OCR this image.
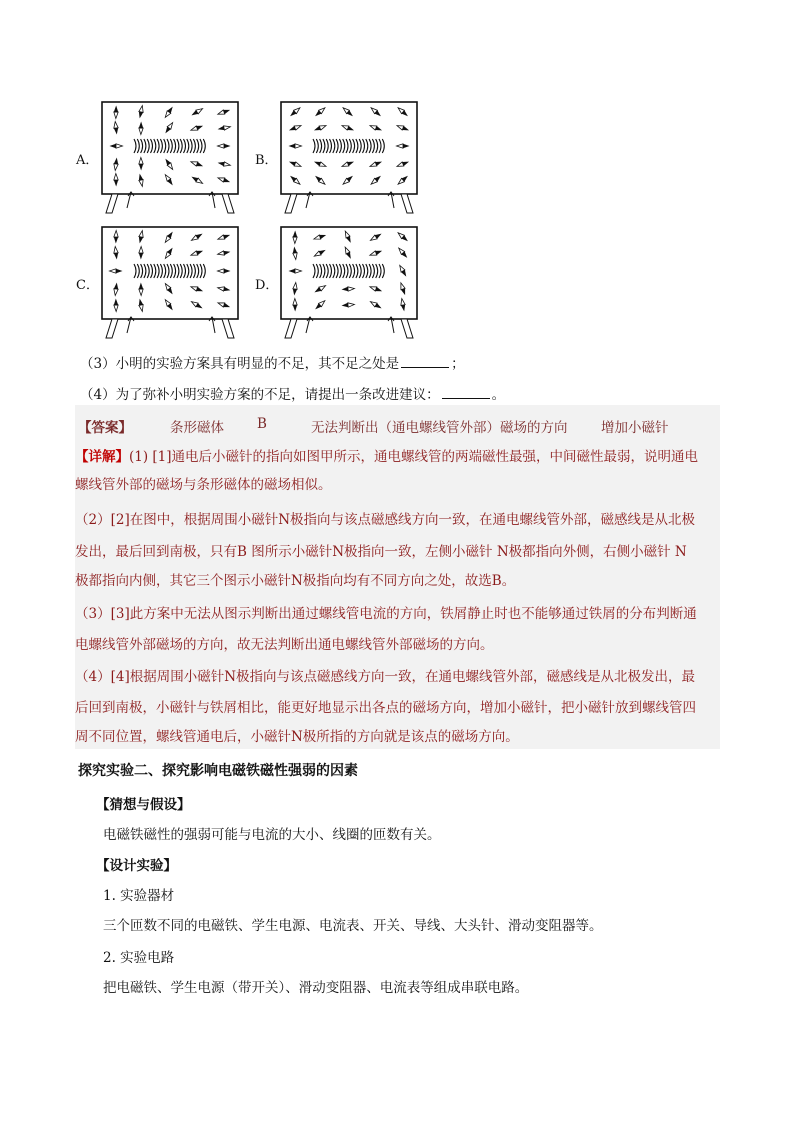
A．	B．
C．	D．
（3）小明的实验方案具有明显的不足，其不足之处是	；
（4）为了弥补小明实验方案的不足，请提出一条改进建议：	。
【答案】	条形磁体 B	无法判断出（通电螺线管外部）磁场的方向 增加小磁针
【详解】(1) [1]通电后小磁针的指向如图甲所示，通电螺线管的两端磁性最强，中间磁性最弱，说明通电
螺线管外部的磁场与条形磁体的磁场相似。
（2）[2]在图中，根据周围小磁针N极指向与该点磁感线方向一致，在通电螺线管外部，磁感线是从北极
发出，最后回到南极，只有B 图所示小磁针N极指向一致，左侧小磁针 N极都指向外侧，右侧小磁针 N
极都指向内侧，其它三个图示小磁针N极指向均有不同方向之处，故选B。
（3）[3]此方案中无法从图示判断出通过螺线管电流的方向，铁屑静止时也不能够通过铁屑的分布判断通
电螺线管外部磁场的方向，故无法判断出通电螺线管外部磁场的方向。
（4）[4]根据周围小磁针N极指向与该点磁感线方向一致，在通电螺线管外部，磁感线是从北极发出，最
后回到南极，小磁针与铁屑相比，能更好地显示出各点的磁场方向，增加小磁针，把小磁针放到螺线管四
周不同位置，螺线管通电后，小磁针N极所指的方向就是该点的磁场方向。
探究实验二、探究影响电磁铁磁性强弱的因素
【猜想与假设】
电磁铁磁性的强弱可能与电流的大小、线圈的匝数有关。
【设计实验】
1. 实验器材
三个匝数不同的电磁铁、学生电源、电流表、开关、导线、大头针、滑动变阻器等。
2. 实验电路
把电磁铁、学生电源（带开关）、滑动变阻器、电流表等组成串联电路。
